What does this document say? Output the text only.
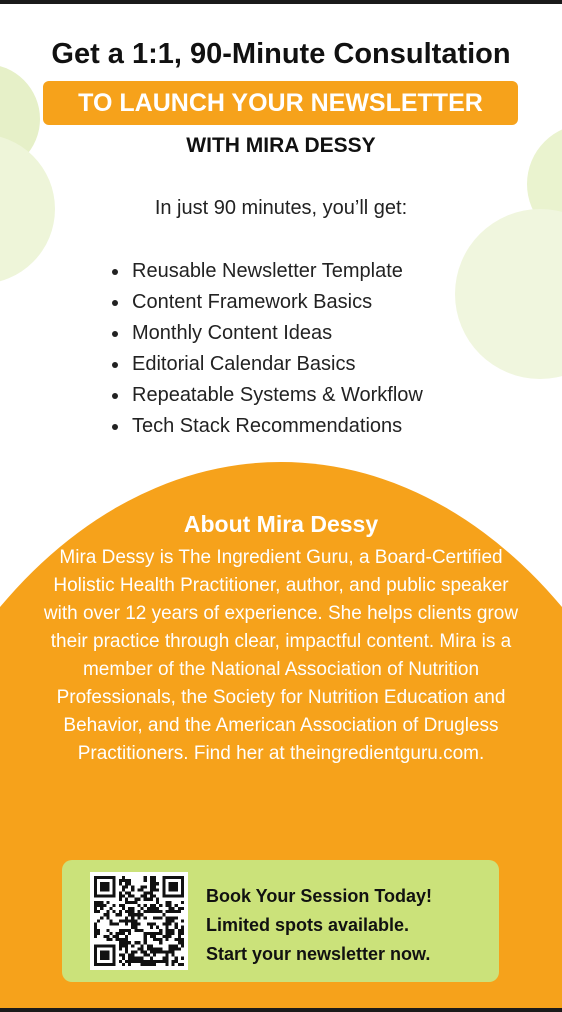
Get a 1:1, 90-Minute Consultation
TO LAUNCH YOUR NEWSLETTER
WITH MIRA DESSY
In just 90 minutes, you’ll get:
Reusable Newsletter Template
Content Framework Basics
Monthly Content Ideas
Editorial Calendar Basics
Repeatable Systems & Workflow
Tech Stack Recommendations
About Mira Dessy
Mira Dessy is The Ingredient Guru, a Board-Certified Holistic Health Practitioner, author, and public speaker with over 12 years of experience. She helps clients grow their practice through clear, impactful content. Mira is a member of the National Association of Nutrition Professionals, the Society for Nutrition Education and Behavior, and the American Association of Drugless Practitioners. Find her at theingredientguru.com.
Book Your Session Today!
Limited spots available.
Start your newsletter now.
